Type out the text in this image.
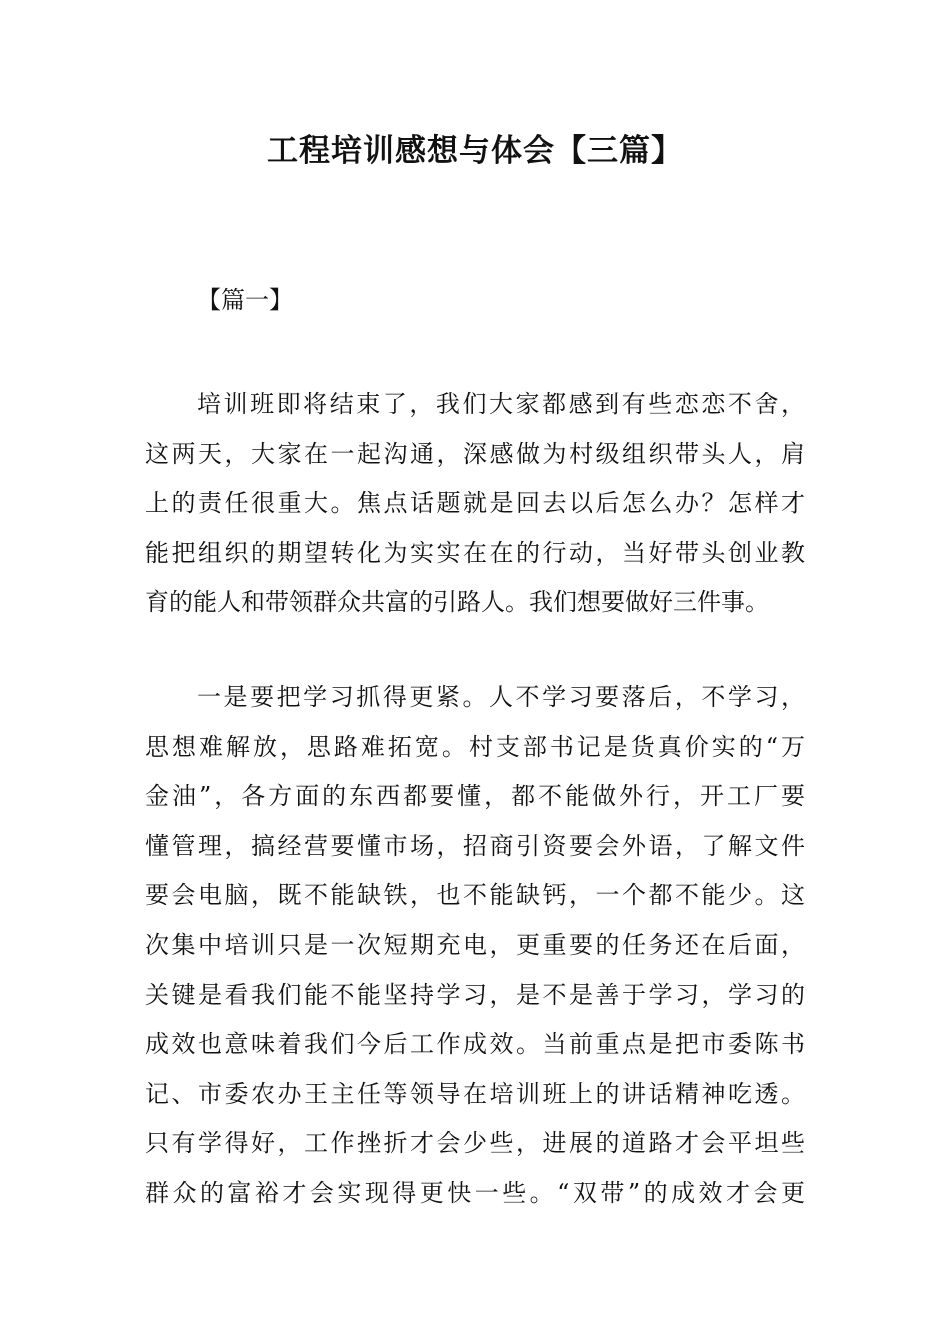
工程培训感想与体会【三篇】
【篇一】
培训班即将结束了，我们大家都感到有些恋恋不舍，
这两天，大家在一起沟通，深感做为村级组织带头人，肩
上的责任很重大。焦点话题就是回去以后怎么办？怎样才
能把组织的期望转化为实实在在的行动，当好带头创业教
育的能人和带领群众共富的引路人。我们想要做好三件事。
一是要把学习抓得更紧。人不学习要落后，不学习，
思想难解放，思路难拓宽。村支部书记是货真价实的“万
金油”，各方面的东西都要懂，都不能做外行，开工厂要
懂管理，搞经营要懂市场，招商引资要会外语，了解文件
要会电脑，既不能缺铁，也不能缺钙，一个都不能少。这
次集中培训只是一次短期充电，更重要的任务还在后面，
关键是看我们能不能坚持学习，是不是善于学习，学习的
成效也意味着我们今后工作成效。当前重点是把市委陈书
记、市委农办王主任等领导在培训班上的讲话精神吃透。
只有学得好，工作挫折才会少些，进展的道路才会平坦些
群众的富裕才会实现得更快一些。“双带”的成效才会更
